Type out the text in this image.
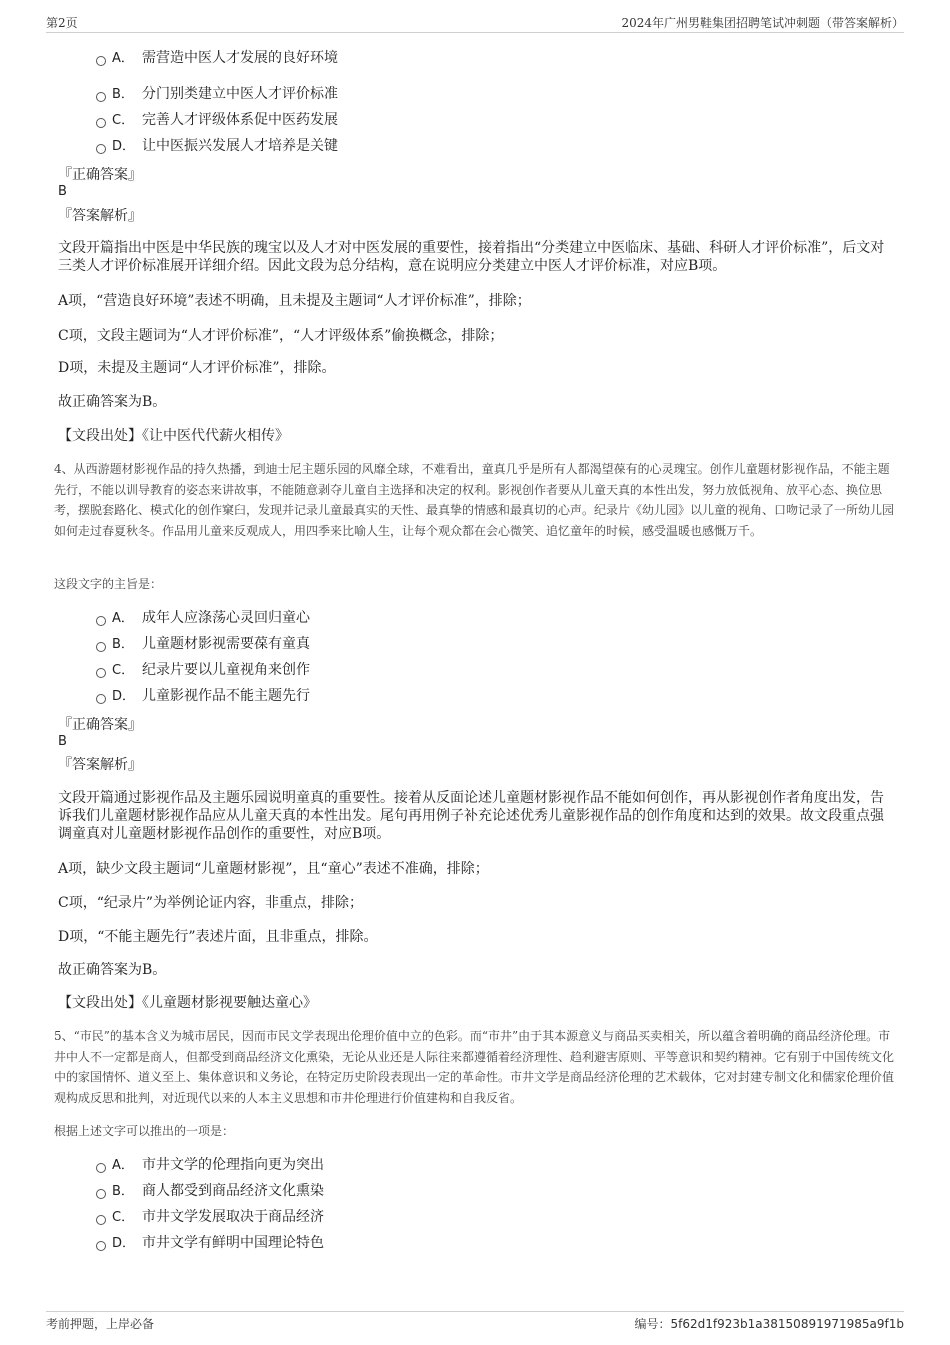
第2页	2024年广州男鞋集团招聘笔试冲刺题（带答案解析）
A． 需营造中医人才发展的良好环境
B． 分门别类建立中医人才评价标准
C． 完善人才评级体系促中医药发展
D． 让中医振兴发展人才培养是关键
『正确答案』
B
『答案解析』
文段开篇指出中医是中华民族的瑰宝以及人才对中医发展的重要性，接着指出“分类建立中医临床、基础、科研人才评价标准”，后文对三类人才评价标准展开详细介绍。因此文段为总分结构，意在说明应分类建立中医人才评价标准，对应B项。
A项，“营造良好环境”表述不明确，且未提及主题词“人才评价标准”，排除；
C项，文段主题词为“人才评价标准”，“人才评级体系”偷换概念，排除；
D项，未提及主题词“人才评价标准”，排除。
故正确答案为B。
【文段出处】《让中医代代薪火相传》
4、从西游题材影视作品的持久热播，到迪士尼主题乐园的风靡全球，不难看出，童真几乎是所有人都渴望葆有的心灵瑰宝。创作儿童题材影视作品，不能主题先行，不能以训导教育的姿态来讲故事，不能随意剥夺儿童自主选择和决定的权利。影视创作者要从儿童天真的本性出发，努力放低视角、放平心态、换位思考，摆脱套路化、模式化的创作窠臼，发现并记录儿童最真实的天性、最真挚的情感和最真切的心声。纪录片《幼儿园》以儿童的视角、口吻记录了一所幼儿园如何走过春夏秋冬。作品用儿童来反观成人，用四季来比喻人生，让每个观众都在会心微笑、追忆童年的时候，感受温暖也感慨万千。
这段文字的主旨是：
A． 成年人应涤荡心灵回归童心
B． 儿童题材影视需要葆有童真
C． 纪录片要以儿童视角来创作
D． 儿童影视作品不能主题先行
『正确答案』
B
『答案解析』
文段开篇通过影视作品及主题乐园说明童真的重要性。接着从反面论述儿童题材影视作品不能如何创作，再从影视创作者角度出发，告诉我们儿童题材影视作品应从儿童天真的本性出发。尾句再用例子补充论述优秀儿童影视作品的创作角度和达到的效果。故文段重点强调童真对儿童题材影视作品创作的重要性，对应B项。
A项，缺少文段主题词“儿童题材影视”，且“童心”表述不准确，排除；
C项，“纪录片”为举例论证内容，非重点，排除；
D项，“不能主题先行”表述片面，且非重点，排除。
故正确答案为B。
【文段出处】《儿童题材影视要触达童心》
5、“市民”的基本含义为城市居民，因而市民文学表现出伦理价值中立的色彩。而“市井”由于其本源意义与商品买卖相关，所以蕴含着明确的商品经济伦理。市井中人不一定都是商人，但都受到商品经济文化熏染，无论从业还是人际往来都遵循着经济理性、趋利避害原则、平等意识和契约精神。它有别于中国传统文化中的家国情怀、道义至上、集体意识和义务论，在特定历史阶段表现出一定的革命性。市井文学是商品经济伦理的艺术载体，它对封建专制文化和儒家伦理价值观构成反思和批判，对近现代以来的人本主义思想和市井伦理进行价值建构和自我反省。
根据上述文字可以推出的一项是：
A． 市井文学的伦理指向更为突出
B． 商人都受到商品经济文化熏染
C． 市井文学发展取决于商品经济
D． 市井文学有鲜明中国理论特色
考前押题，上岸必备	编号：5f62d1f923b1a38150891971985a9f1b
